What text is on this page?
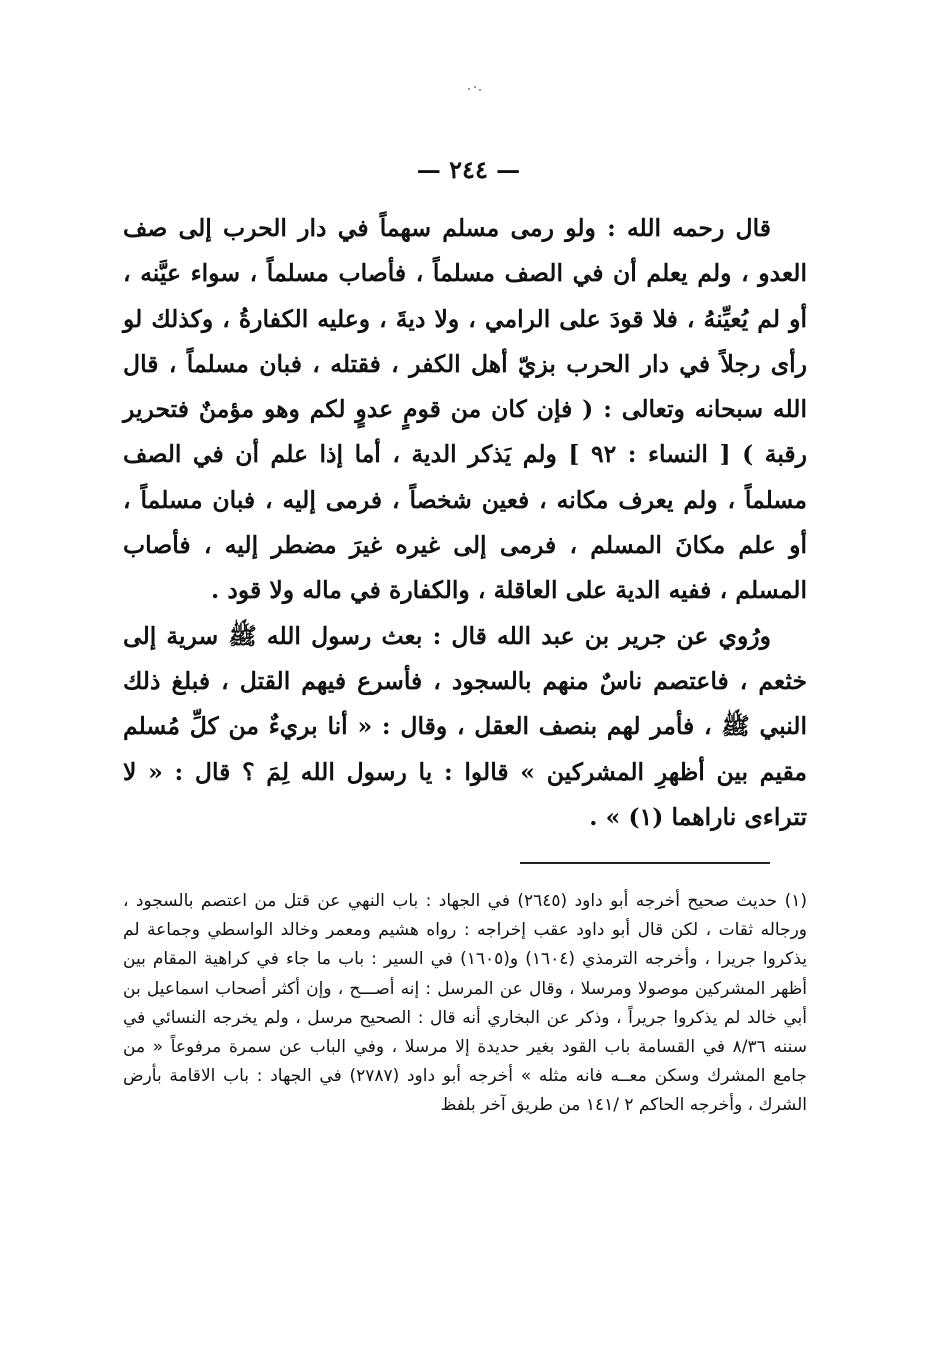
— ٢٤٤ —

قال رحمه الله : ولو رمى مسلم سهماً في دار الحرب إلى صف العدو ، ولم يعلم أن في الصف مسلماً ، فأصاب مسلماً ، سواء عيَّنه ، أو لم يُعيِّنهُ ، فلا قودَ على الرامي ، ولا ديةَ ، وعليه الكفارةُ ، وكذلك لو رأى رجلاً في دار الحرب بزيّ أهل الكفر ، فقتله ، فبان مسلماً ، قال الله سبحانه وتعالى : ( فإن كان من قومٍ عدوٍ لكم وهو مؤمنٌ فتحرير رقبة ) [ النساء : ٩٢ ] ولم يَذكر الدية ، أما إذا علم أن في الصف مسلماً ، ولم يعرف مكانه ، فعين شخصاً ، فرمى إليه ، فبان مسلماً ، أو علم مكانَ المسلم ، فرمى إلى غيره غيرَ مضطر إليه ، فأصاب المسلم ، ففيه الدية على العاقلة ، والكفارة في ماله ولا قود .

ورُوي عن جرير بن عبد الله قال : بعث رسول الله ﷺ سرية إلى خثعم ، فاعتصم ناسٌ منهم بالسجود ، فأسرع فيهم القتل ، فبلغ ذلك النبي ﷺ ، فأمر لهم بنصف العقل ، وقال : « أنا بريءٌ من كلِّ مُسلم مقيم بين أظهرِ المشركين » قالوا : يا رسول الله لِمَ ؟ قال : « لا تتراءى ناراهما (١) » .

(١) حديث صحيح أخرجه أبو داود (٢٦٤٥) في الجهاد : باب النهي عن قتل من اعتصم بالسجود ، ورجاله ثقات ، لكن قال أبو داود عقب إخراجه : رواه هشيم ومعمر وخالد الواسطي وجماعة لم يذكروا جريرا ، وأخرجه الترمذي (١٦٠٤) و(١٦٠٥) في السير : باب ما جاء في كراهية المقام بين أظهر المشركين موصولا ومرسلا ، وقال عن المرسل : إنه أصـــح ، وإن أكثر أصحاب اسماعيل بن أبي خالد لم يذكروا جريراً ، وذكر عن البخاري أنه قال : الصحيح مرسل ، ولم يخرجه النسائي في سننه ٨/٣٦ في القسامة باب القود بغير حديدة إلا مرسلا ، وفي الباب عن سمرة مرفوعاً « من جامع المشرك وسكن معــه فانه مثله » أخرجه أبو داود (٢٧٨٧) في الجهاد : باب الاقامة بأرض الشرك ، وأخرجه الحاكم ٢ /١٤١ من طريق آخر بلفظ
